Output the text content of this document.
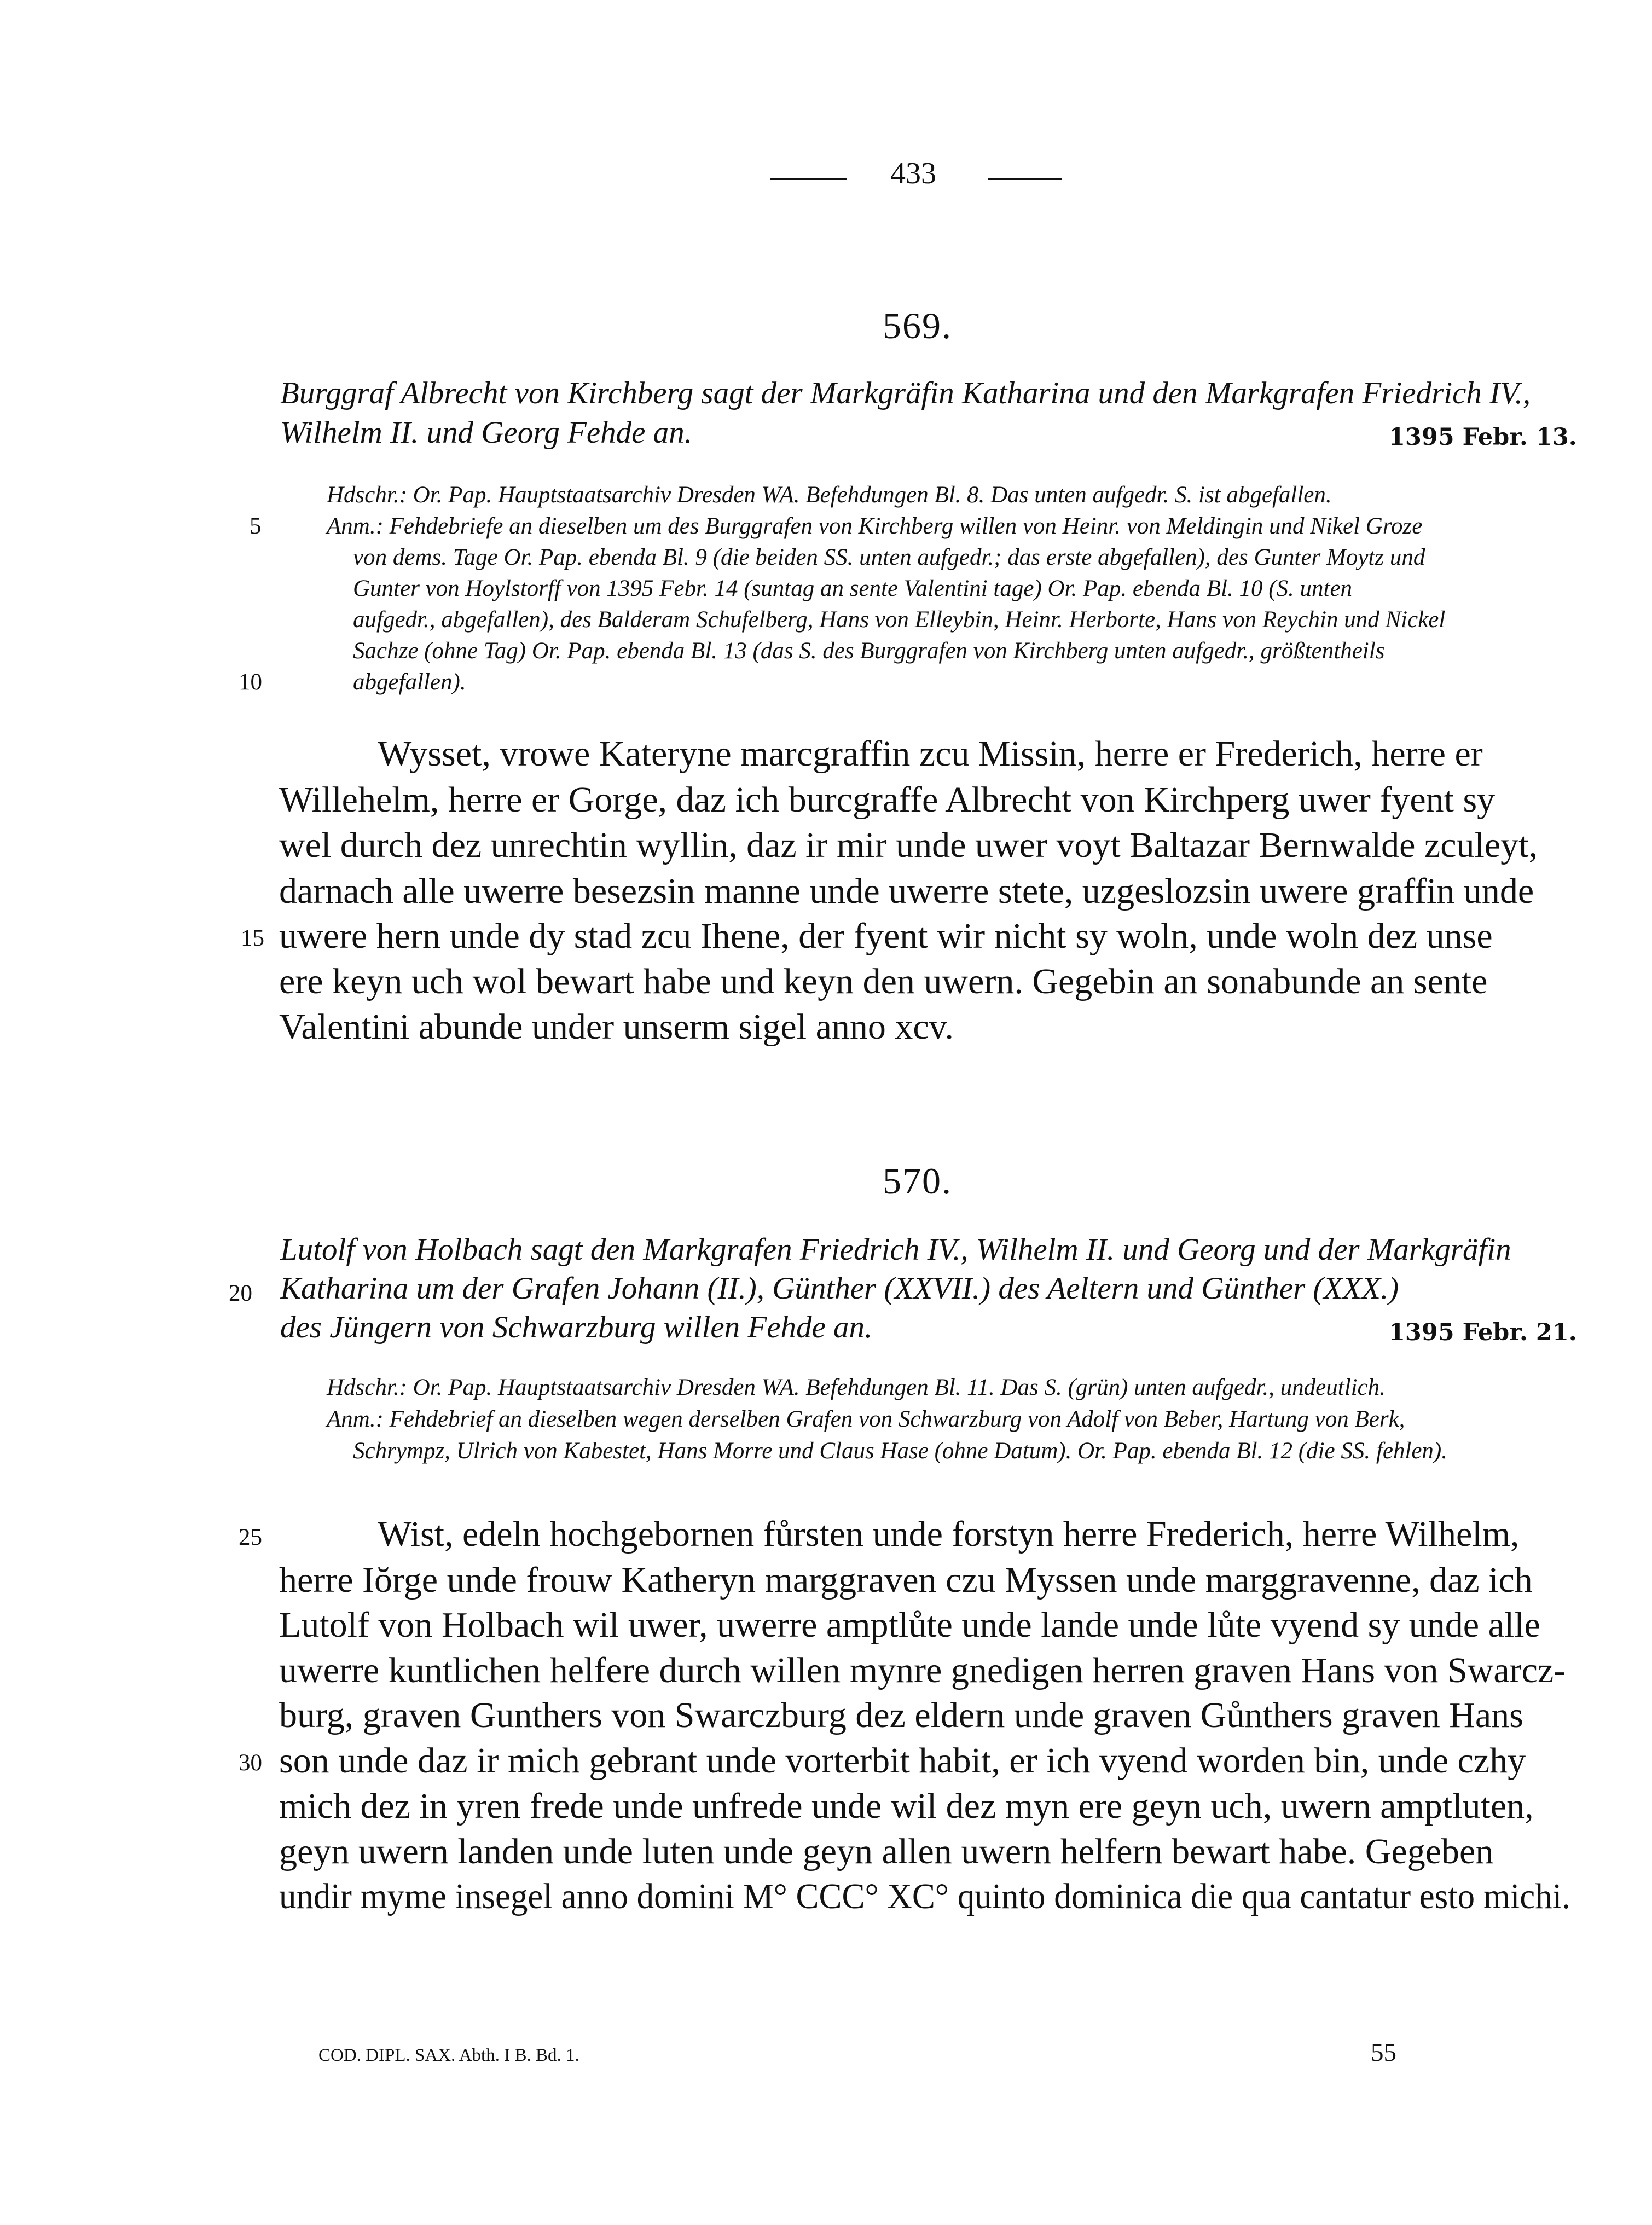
433
569.
Burggraf Albrecht von Kirchberg sagt der Markgräfin Katharina und den Markgrafen Friedrich IV.,
Wilhelm II. und Georg Fehde an.	1395 Febr. 13.
Hdschr.: Or. Pap. Hauptstaatsarchiv Dresden WA. Befehdungen Bl. 8. Das unten aufgedr. S. ist abgefallen.
Anm.: Fehdebriefe an dieselben um des Burggrafen von Kirchberg willen von Heinr. von Meldingin und Nikel Groze
von dems. Tage Or. Pap. ebenda Bl. 9 (die beiden SS. unten aufgedr.; das erste abgefallen), des Gunter Moytz und
Gunter von Hoylstorff von 1395 Febr. 14 (suntag an sente Valentini tage) Or. Pap. ebenda Bl. 10 (S. unten
aufgedr., abgefallen), des Balderam Schufelberg, Hans von Elleybin, Heinr. Herborte, Hans von Reychin und Nickel
Sachze (ohne Tag) Or. Pap. ebenda Bl. 13 (das S. des Burggrafen von Kirchberg unten aufgedr., größtentheils
abgefallen).
5
10
Wysset, vrowe Kateryne marcgraffin zcu Missin, herre er Frederich, herre er
Willehelm, herre er Gorge, daz ich burcgraffe Albrecht von Kirchperg uwer fyent sy
wel durch dez unrechtin wyllin, daz ir mir unde uwer voyt Baltazar Bernwalde zculeyt,
darnach alle uwerre besezsin manne unde uwerre stete, uzgeslozsin uwere graffin unde
uwere hern unde dy stad zcu Ihene, der fyent wir nicht sy woln, unde woln dez unse
ere keyn uch wol bewart habe und keyn den uwern. Gegebin an sonabunde an sente
Valentini abunde under unserm sigel anno xcv.
15
570.
Lutolf von Holbach sagt den Markgrafen Friedrich IV., Wilhelm II. und Georg und der Markgräfin
Katharina um der Grafen Johann (II.), Günther (XXVII.) des Aeltern und Günther (XXX.)
des Jüngern von Schwarzburg willen Fehde an.	1395 Febr. 21.
20
Hdschr.: Or. Pap. Hauptstaatsarchiv Dresden WA. Befehdungen Bl. 11. Das S. (grün) unten aufgedr., undeutlich.
Anm.: Fehdebrief an dieselben wegen derselben Grafen von Schwarzburg von Adolf von Beber, Hartung von Berk,
Schrympz, Ulrich von Kabestet, Hans Morre und Claus Hase (ohne Datum). Or. Pap. ebenda Bl. 12 (die SS. fehlen).
Wist, edeln hochgebornen fůrsten unde forstyn herre Frederich, herre Wilhelm,
herre Iŏrge unde frouw Katheryn marggraven czu Myssen unde marggravenne, daz ich
Lutolf von Holbach wil uwer, uwerre amptlůte unde lande unde lůte vyend sy unde alle
uwerre kuntlichen helfere durch willen mynre gnedigen herren graven Hans von Swarcz-
burg, graven Gunthers von Swarczburg dez eldern unde graven Gůnthers graven Hans
son unde daz ir mich gebrant unde vorterbit habit, er ich vyend worden bin, unde czhy
mich dez in yren frede unde unfrede unde wil dez myn ere geyn uch, uwern amptluten,
geyn uwern landen unde luten unde geyn allen uwern helfern bewart habe. Gegeben
undir myme insegel anno domini M° CCC° XC° quinto dominica die qua cantatur esto michi.
25
30
COD. DIPL. SAX. Abth. I B. Bd. 1.	55
